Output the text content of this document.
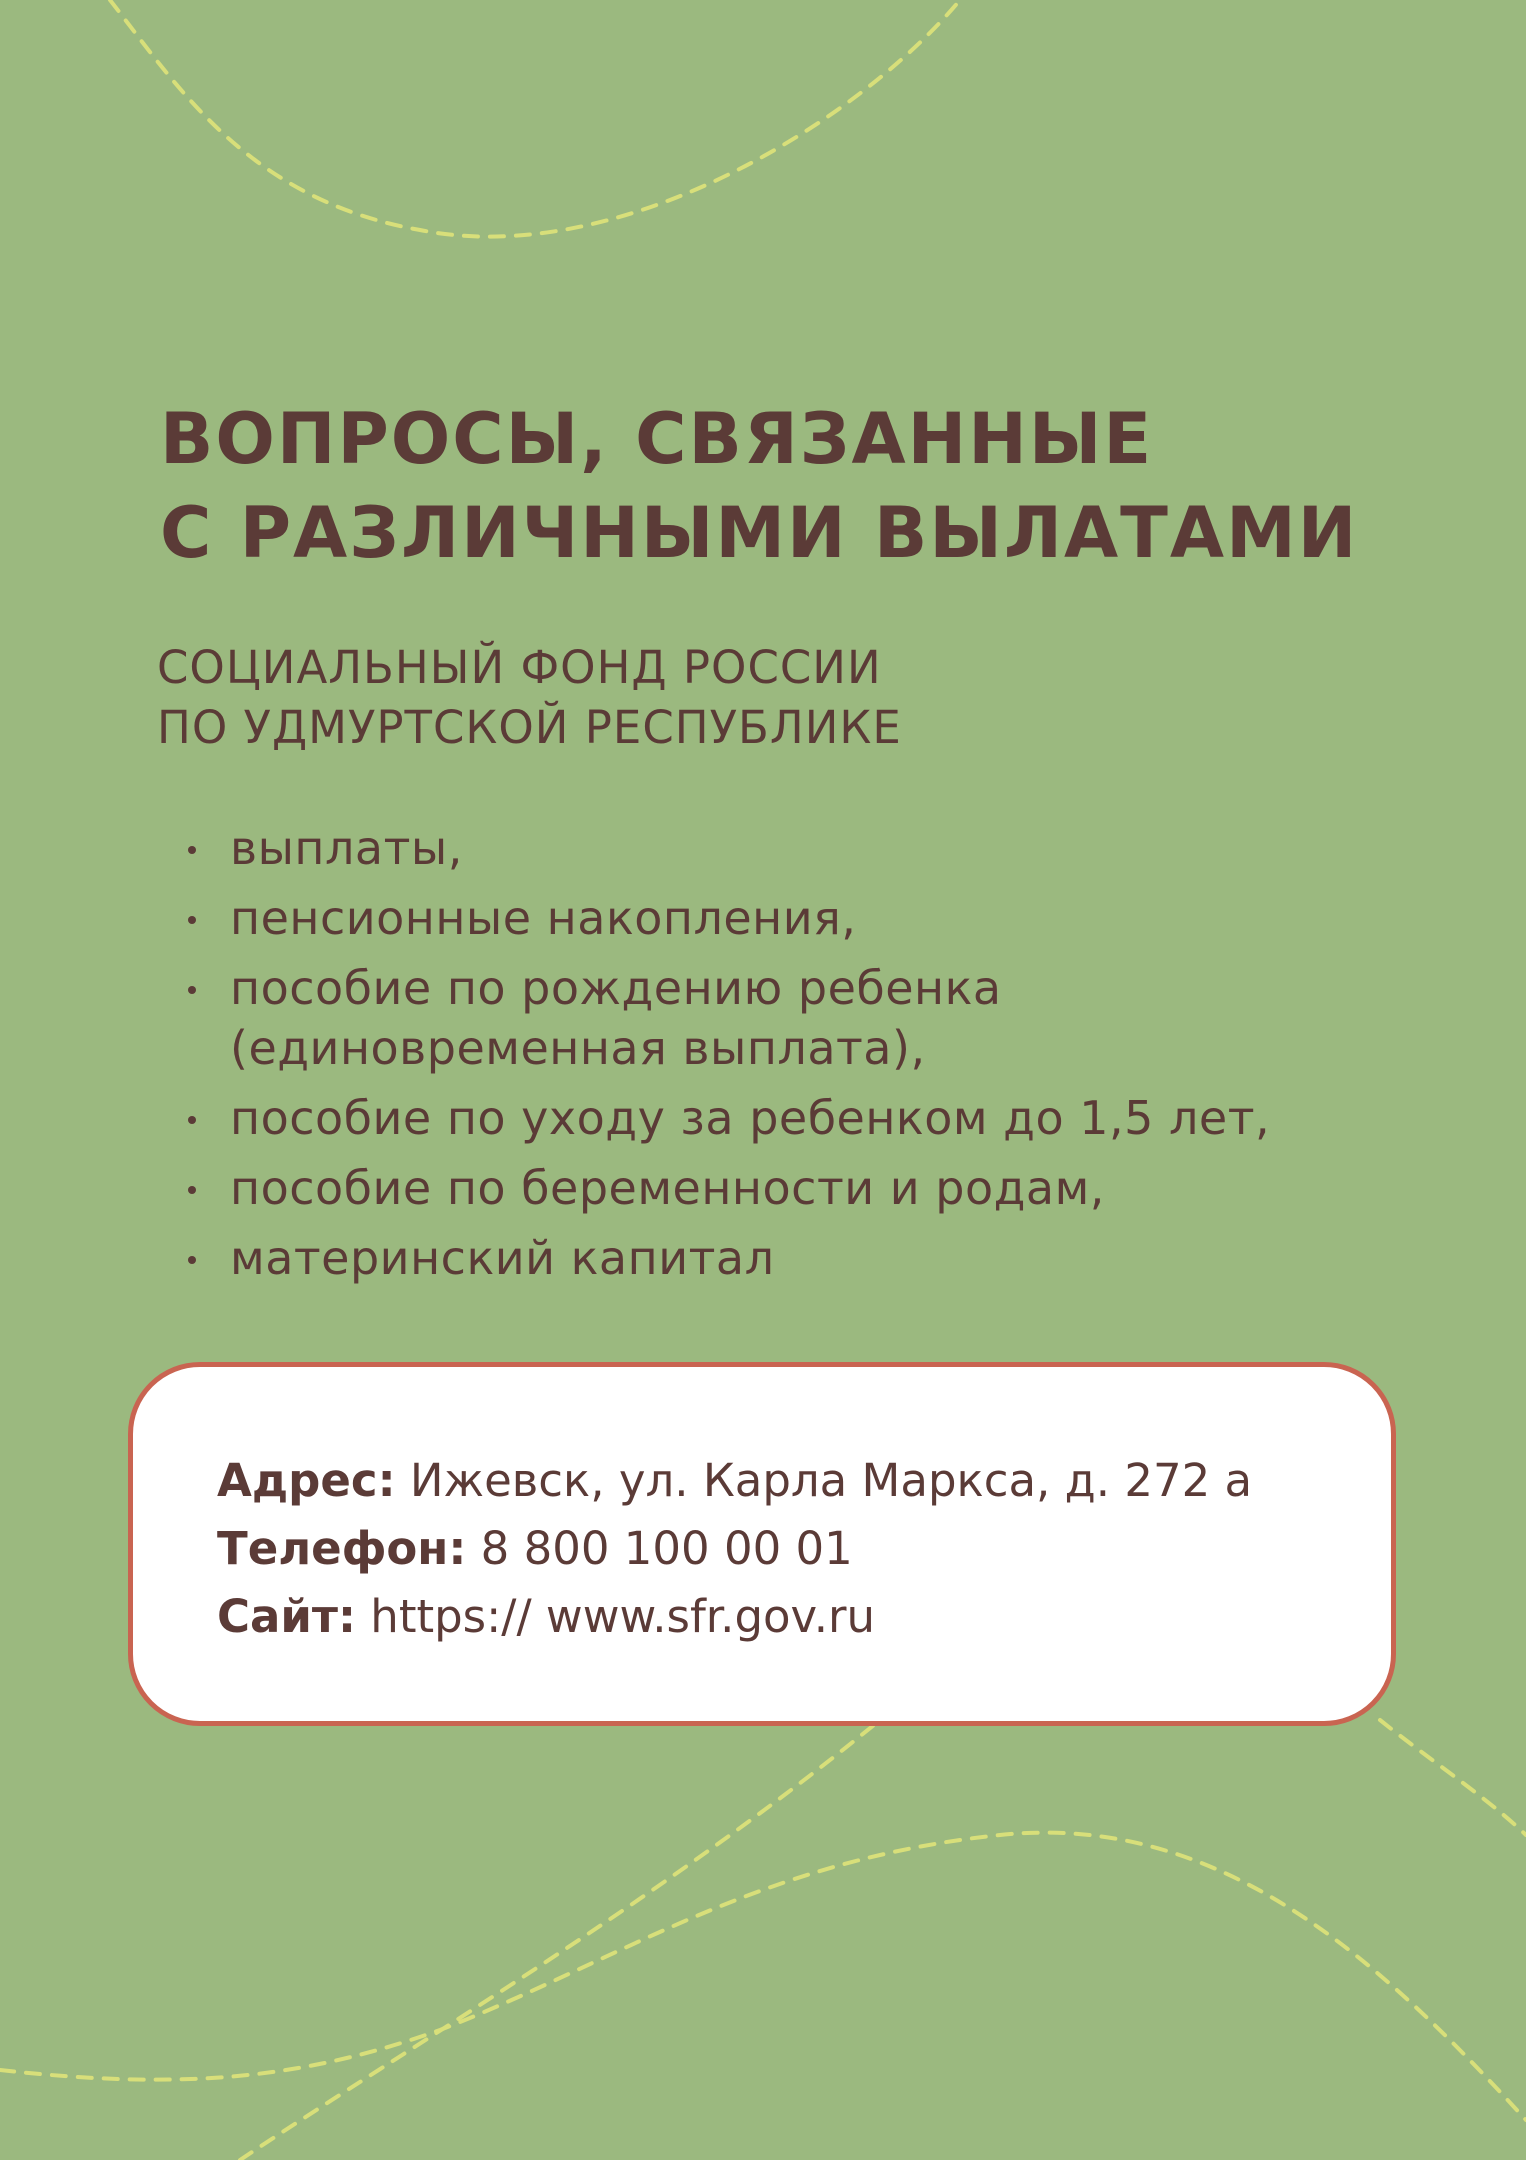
ВОПРОСЫ, СВЯЗАННЫЕ
С РАЗЛИЧНЫМИ ВЫЛАТАМИ

СОЦИАЛЬНЫЙ ФОНД РОССИИ
ПО УДМУРТСКОЙ РЕСПУБЛИКЕ

выплаты,
пенсионные накопления,
пособие по рождению ребенка
(единовременная выплата),
пособие по уходу за ребенком до 1,5 лет,
пособие по беременности и родам,
материнский капитал
Адрес: Ижевск, ул. Карла Маркса, д. 272 а
Телефон: 8 800 100 00 01
Сайт: https:// www.sfr.gov.ru
